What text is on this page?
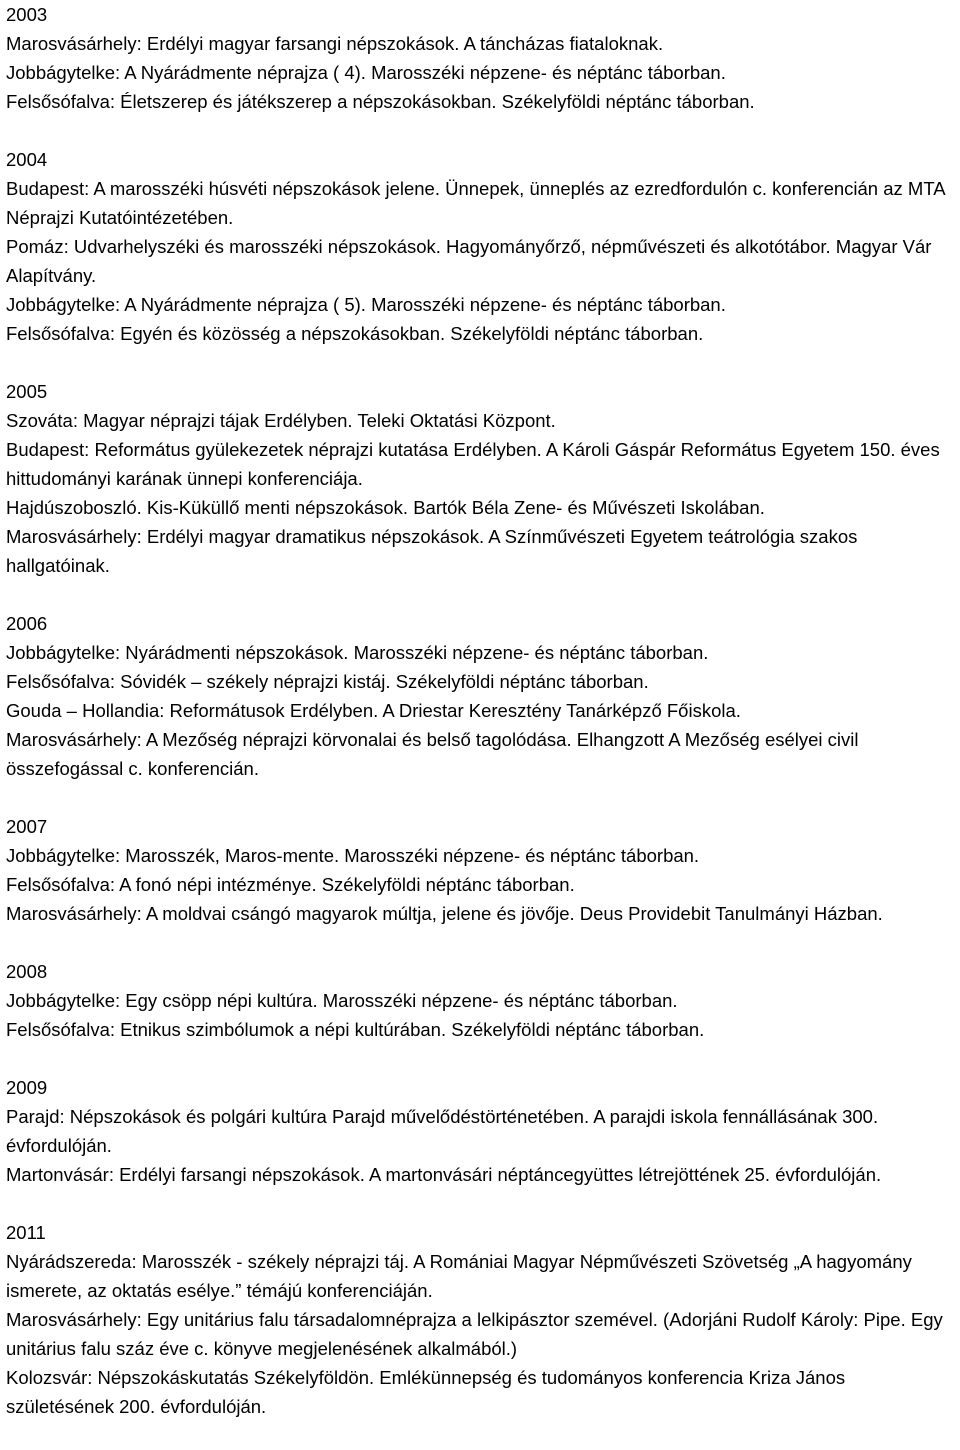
2003
Marosvásárhely: Erdélyi magyar farsangi népszokások. A táncházas fiataloknak.
Jobbágytelke: A Nyárádmente néprajza ( 4). Marosszéki népzene- és néptánc táborban.
Felsősófalva: Életszerep és játékszerep a népszokásokban. Székelyföldi néptánc táborban.
2004
Budapest: A marosszéki húsvéti népszokások jelene. Ünnepek, ünneplés az ezredfordulón c. konferencián az MTA Néprajzi Kutatóintézetében.
Pomáz: Udvarhelyszéki és marosszéki népszokások. Hagyományőrző, népművészeti és alkotótábor. Magyar Vár Alapítvány.
Jobbágytelke: A Nyárádmente néprajza ( 5). Marosszéki népzene- és néptánc táborban.
Felsősófalva: Egyén és közösség a népszokásokban. Székelyföldi néptánc táborban.
2005
Szováta: Magyar néprajzi tájak Erdélyben. Teleki Oktatási Központ.
Budapest: Református gyülekezetek néprajzi kutatása Erdélyben. A Károli Gáspár Református Egyetem 150. éves hittudományi karának ünnepi konferenciája.
Hajdúszoboszló. Kis-Küküllő menti népszokások. Bartók Béla Zene- és Művészeti Iskolában.
Marosvásárhely: Erdélyi magyar dramatikus népszokások. A Színművészeti Egyetem teátrológia szakos hallgatóinak.
2006
Jobbágytelke: Nyárádmenti népszokások. Marosszéki népzene- és néptánc táborban.
Felsősófalva: Sóvidék – székely néprajzi kistáj. Székelyföldi néptánc táborban.
Gouda – Hollandia: Reformátusok Erdélyben. A Driestar Keresztény Tanárképző Főiskola.
Marosvásárhely: A Mezőség néprajzi körvonalai és belső tagolódása. Elhangzott A Mezőség esélyei civil összefogással c. konferencián.
2007
Jobbágytelke: Marosszék, Maros-mente. Marosszéki népzene- és néptánc táborban.
Felsősófalva: A fonó népi intézménye. Székelyföldi néptánc táborban.
Marosvásárhely: A moldvai csángó magyarok múltja, jelene és jövője. Deus Providebit Tanulmányi Házban.
2008
Jobbágytelke: Egy csöpp népi kultúra. Marosszéki népzene- és néptánc táborban.
Felsősófalva: Etnikus szimbólumok a népi kultúrában. Székelyföldi néptánc táborban.
2009
Parajd: Népszokások és polgári kultúra Parajd művelődéstörténetében. A parajdi iskola fennállásának 300. évfordulóján.
Martonvásár: Erdélyi farsangi népszokások. A martonvásári néptáncegyüttes létrejöttének 25. évfordulóján.
2011
Nyárádszereda: Marosszék - székely néprajzi táj. A Romániai Magyar Népművészeti Szövetség „A hagyomány ismerete, az oktatás esélye.” témájú konferenciáján.
Marosvásárhely: Egy unitárius falu társadalomnéprajza a lelkipásztor szemével. (Adorjáni Rudolf Károly: Pipe. Egy unitárius falu száz éve c. könyve megjelenésének alkalmából.)
Kolozsvár: Népszokáskutatás Székelyföldön. Emlékünnepség és tudományos konferencia Kriza János születésének 200. évfordulóján.
